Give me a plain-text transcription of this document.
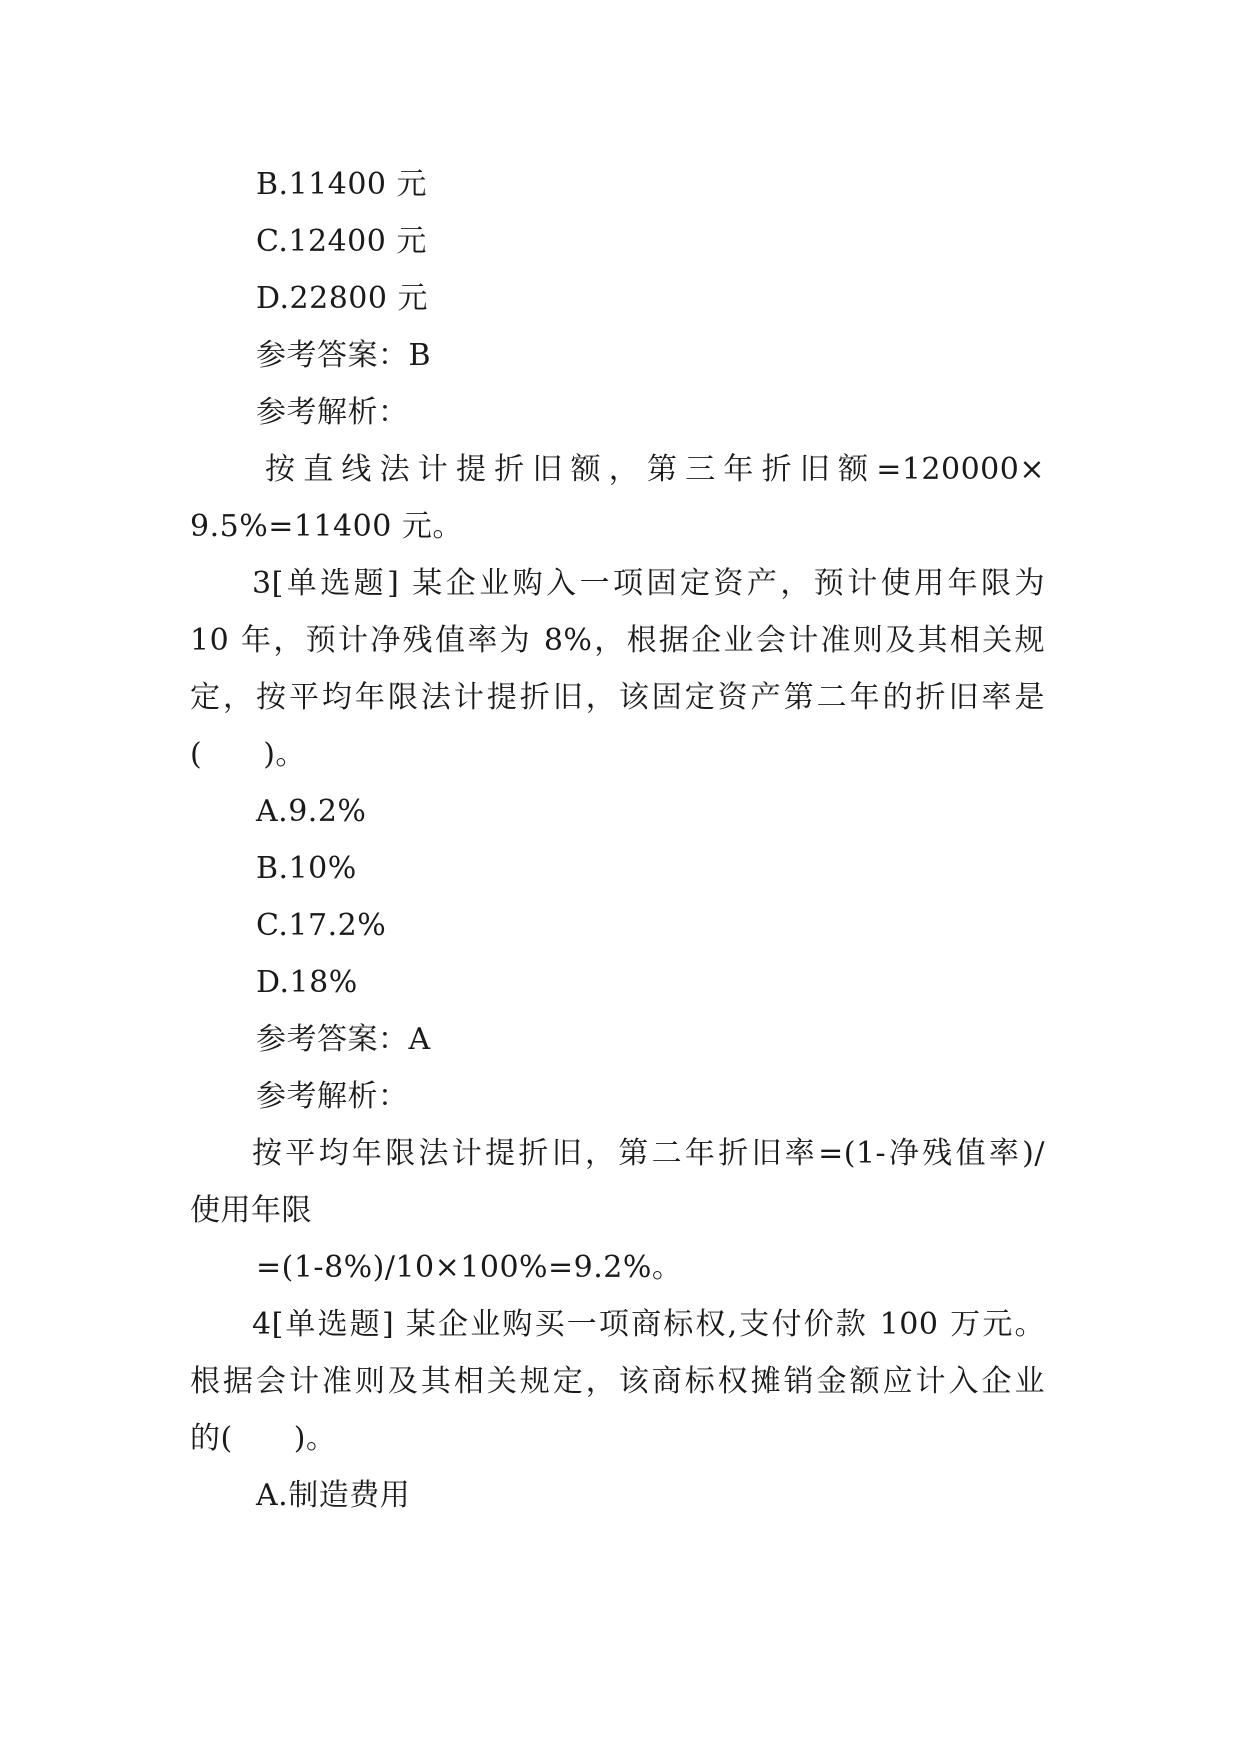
B.11400 元
C.12400 元
D.22800 元
参考答案：B
参考解析：
按直线法计提折旧额，第三年折旧额=120000×
9.5%=11400 元。
3[单选题] 某企业购入一项固定资产，预计使用年限为
10 年，预计净残值率为 8%，根据企业会计准则及其相关规
定，按平均年限法计提折旧，该固定资产第二年的折旧率是
(　　)。
A.9.2%
B.10%
C.17.2%
D.18%
参考答案：A
参考解析：
按平均年限法计提折旧，第二年折旧率=(1-净残值率)/
使用年限
=(1-8%)/10×100%=9.2%。
4[单选题] 某企业购买一项商标权,支付价款 100 万元。
根据会计准则及其相关规定，该商标权摊销金额应计入企业
的(　　)。
A.制造费用
